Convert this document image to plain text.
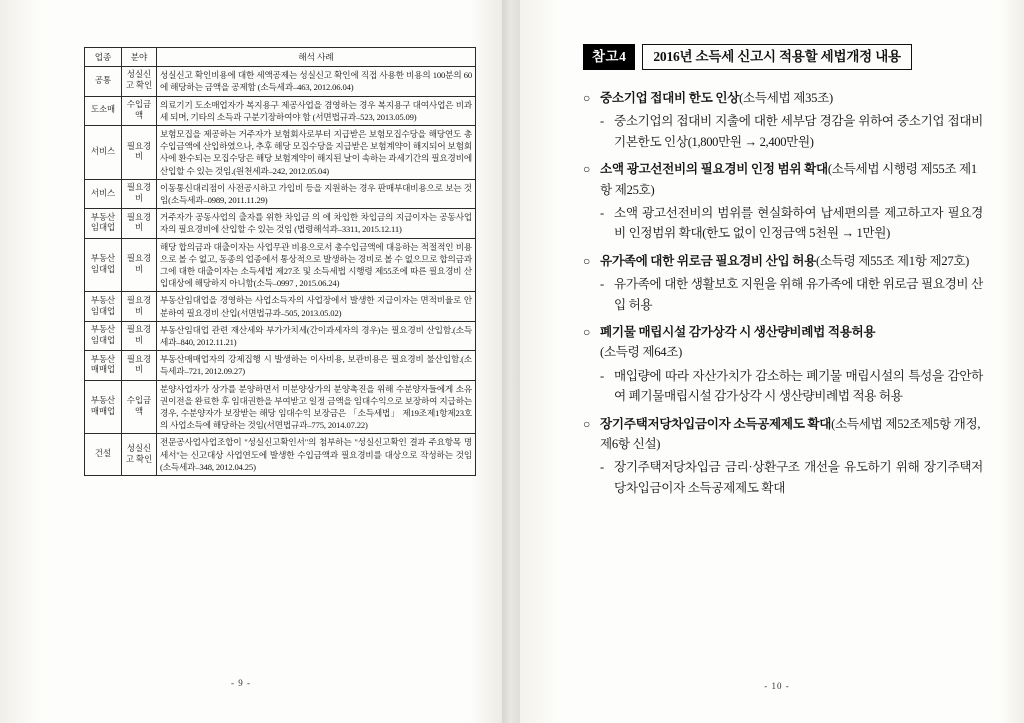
업종	분야	해석 사례
공통	성실신고 확인	성실신고 확인비용에 대한 세액공제는 성실신고 확인에 직접 사용한 비용의 100분의 60에 해당하는 금액을 공제함 (소득세과–463, 2012.06.04)
도소매	수입금액	의료기기 도소매업자가 복지용구 제공사업을 겸영하는 경우 복지용구 대여사업은 비과세 되며, 기타의 소득과 구분기장하여야 함 (서면법규과–523, 2013.05.09)
서비스	필요경비	보험모집을 제공하는 거주자가 보험회사로부터 지급받은 보험모집수당을 해당연도 총수입금액에 산입하였으나, 추후 해당 모집수당을 지급받은 보험계약이 해지되어 보험회사에 환수되는 모집수당은 해당 보험계약이 해지된 날이 속하는 과세기간의 필요경비에 산입할 수 있는 것임.(원천세과–242, 2012.05.04)
서비스	필요경비	이동통신대리점이 사전공시하고 가입비 등을 지원하는 경우 판매부대비용으로 보는 것임(소득세과–0989, 2011.11.29)
부동산임대업	필요경비	거주자가 공동사업의 출자를 위한 차입금 의 에 차입한 차입금의 지급이자는 공동사업자의 필요경비에 산입할 수 있는 것임 (법령해석과–3311, 2015.12.11)
부동산임대업	필요경비	해당 합의금과 대출이자는 사업무관 비용으로서 총수입금액에 대응하는 적절적인 비용으로 볼 수 없고, 동종의 업종에서 통상적으로 발생하는 경비로 볼 수 없으므로 합의금과 그에 대한 대출이자는 소득세법 제27조 및 소득세법 시행령 제55조에 따른 필요경비 산입대상에 해당하지 아니함(소득–0997 , 2015.06.24)
부동산임대업	필요경비	부동산임대업을 경영하는 사업소득자의 사업장에서 발생한 지급이자는 면적비율로 안분하여 필요경비 산입(서면법규과–505, 2013.05.02)
부동산임대업	필요경비	부동산임대업 관련 재산세와 부가가치세(간이과세자의 경우)는 필요경비 산입함.(소득세과–840, 2012.11.21)
부동산매매업	필요경비	부동산매매업자의 강제집행 시 발생하는 이사비용, 보관비용은 필요경비 불산입함.(소득세과–721, 2012.09.27)
부동산매매업	수입금액	분양사업자가 상가를 분양하면서 미분양상가의 분양촉진을 위해 수분양자들에게 소유권이전을 완료한 후 임대권한을 부여받고 일정 금액을 임대수익으로 보장하여 지급하는 경우, 수분양자가 보장받는 해당 임대수익 보장금은 「소득세법」 제19조제1항제23호의 사업소득에 해당하는 것임(서면법규과–775, 2014.07.22)
건설	성실신고 확인	전문공사업사업조합이 "성실신고확인서"의 첨부하는 "성실신고확인 결과 주요항목 명세서"는 신고대상 사업연도에 발생한 수입금액과 필요경비를 대상으로 작성하는 것임 (소득세과–348, 2012.04.25)
- 9 -
참고4	2016년 소득세 신고시 적용할 세법개정 내용
○ 중소기업 접대비 한도 인상(소득세법 제35조)
- 중소기업의 접대비 지출에 대한 세부담 경감을 위하여 중소기업 접대비 기본한도 인상(1,800만원 → 2,400만원)
○ 소액 광고선전비의 필요경비 인정 범위 확대(소득세법 시행령 제55조 제1항 제25호)
- 소액 광고선전비의 범위를 현실화하여 납세편의를 제고하고자 필요경비 인정범위 확대(한도 없이 인정금액 5천원 → 1만원)
○ 유가족에 대한 위로금 필요경비 산입 허용(소득령 제55조 제1항 제27호)
- 유가족에 대한 생활보호 지원을 위해 유가족에 대한 위로금 필요경비 산입 허용
○ 폐기물 매립시설 감가상각 시 생산량비례법 적용허용
(소득령 제64조)
- 매입량에 따라 자산가치가 감소하는 폐기물 매립시설의 특성을 감안하여 폐기물매립시설 감가상각 시 생산량비례법 적용 허용
○ 장기주택저당차입금이자 소득공제제도 확대(소득세법 제52조제5항 개정, 제6항 신설)
- 장기주택저당차입금 금리·상환구조 개선을 유도하기 위해 장기주택저당차입금이자 소득공제제도 확대
- 10 -
